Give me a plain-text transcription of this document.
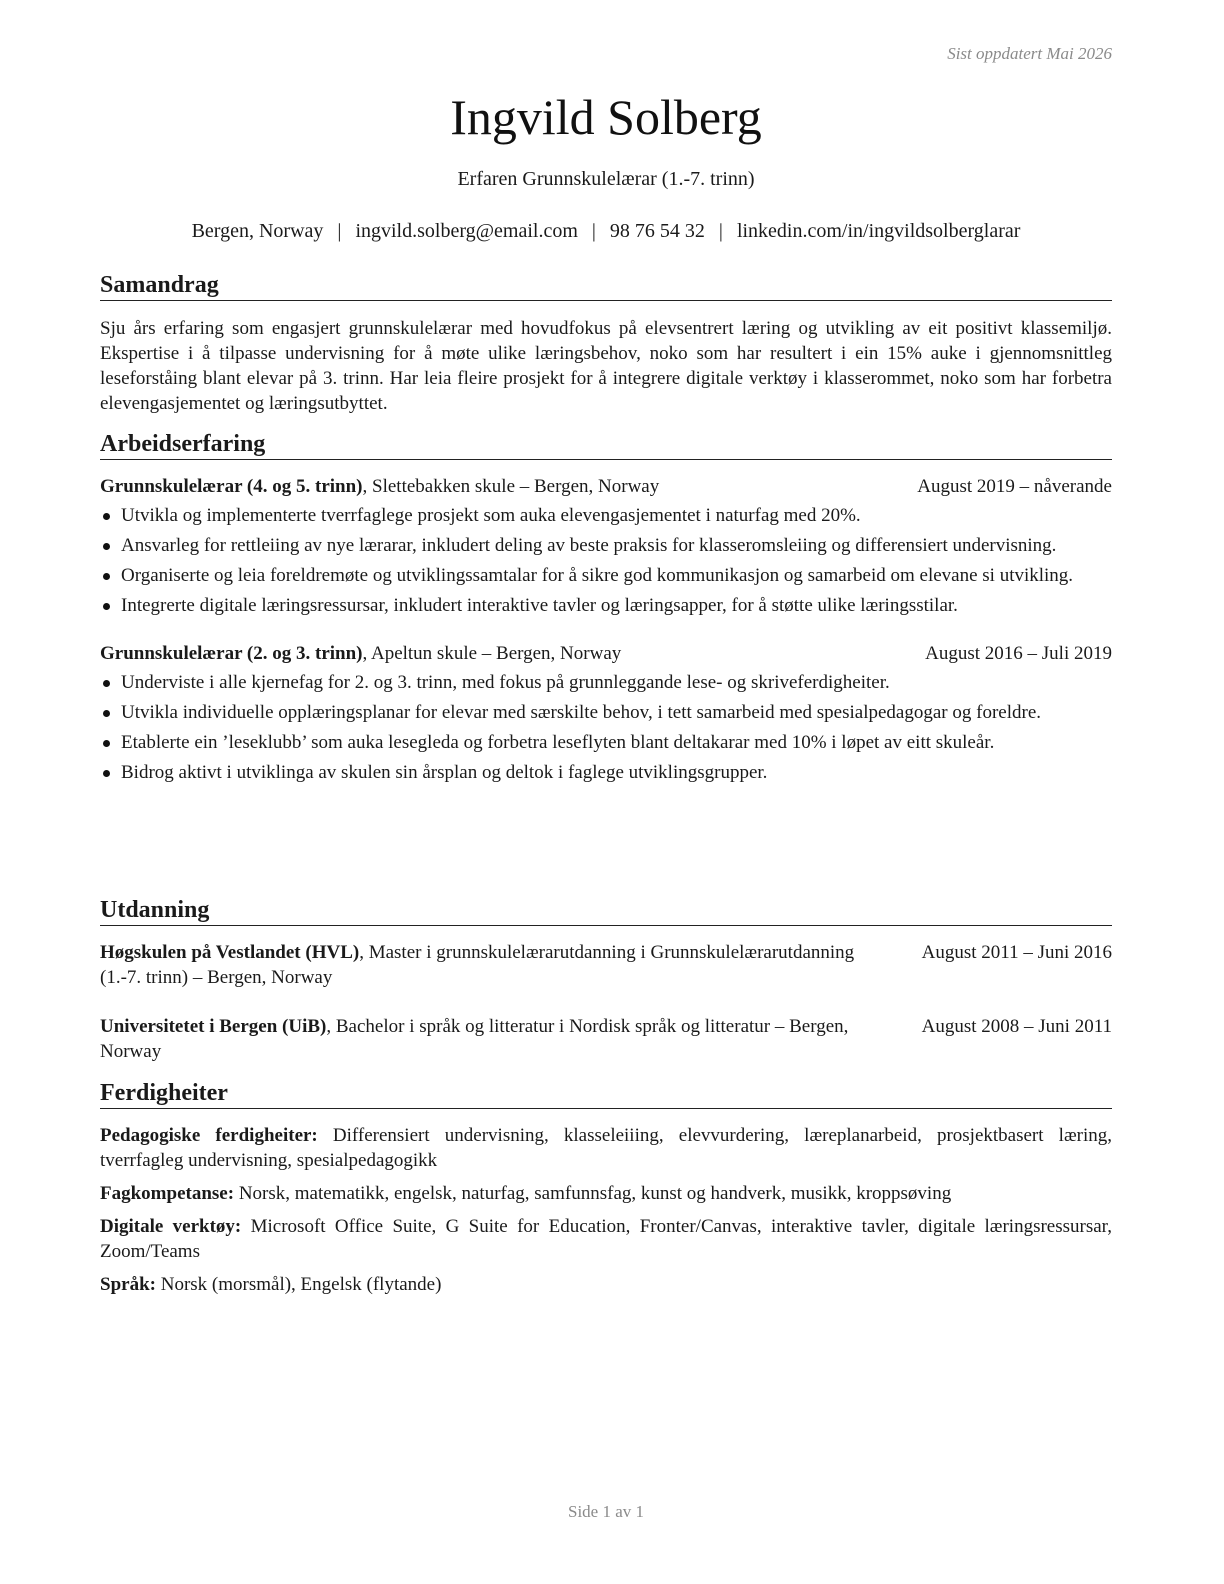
Sist oppdatert Mai 2026
Ingvild Solberg
Erfaren Grunnskulelærar (1.-7. trinn)
Bergen, Norway | ingvild.solberg@email.com | 98 76 54 32 | linkedin.com/in/ingvildsolberglarar
Samandrag
Sju års erfaring som engasjert grunnskulelærar med hovudfokus på elevsentrert læring og utvikling av eit positivt klassemiljø. Ekspertise i å tilpasse undervisning for å møte ulike læringsbehov, noko som har resultert i ein 15% auke i gjennomsnittleg leseforståing blant elevar på 3. trinn. Har leia fleire prosjekt for å integrere digitale verktøy i klasserommet, noko som har forbetra elevengasjementet og læringsutbyttet.
Arbeidserfaring
Grunnskulelærar (4. og 5. trinn), Slettebakken skule – Bergen, Norway	August 2019 – nåverande
Utvikla og implementerte tverrfaglege prosjekt som auka elevengasjementet i naturfag med 20%.
Ansvarleg for rettleiing av nye lærarar, inkludert deling av beste praksis for klasseromsleiing og differensiert undervisning.
Organiserte og leia foreldremøte og utviklingssamtalar for å sikre god kommunikasjon og samarbeid om elevane si utvikling.
Integrerte digitale læringsressursar, inkludert interaktive tavler og læringsapper, for å støtte ulike læringsstilar.
Grunnskulelærar (2. og 3. trinn), Apeltun skule – Bergen, Norway	August 2016 – Juli 2019
Underviste i alle kjernefag for 2. og 3. trinn, med fokus på grunnleggande lese- og skriveferdigheiter.
Utvikla individuelle opplæringsplanar for elevar med særskilte behov, i tett samarbeid med spesialpedagogar og foreldre.
Etablerte ein ’leseklubb’ som auka lesegleda og forbetra leseflyten blant deltakarar med 10% i løpet av eitt skuleår.
Bidrog aktivt i utviklinga av skulen sin årsplan og deltok i faglege utviklingsgrupper.
Utdanning
Høgskulen på Vestlandet (HVL), Master i grunnskulelærarutdanning i Grunnskulelærarutdanning (1.-7. trinn) – Bergen, Norway
August 2011 – Juni 2016
Universitetet i Bergen (UiB), Bachelor i språk og litteratur i Nordisk språk og litteratur – Bergen, Norway
August 2008 – Juni 2011
Ferdigheiter
Pedagogiske ferdigheiter: Differensiert undervisning, klasseleiiing, elevvurdering, læreplanarbeid, prosjektbasert læring, tverrfagleg undervisning, spesialpedagogikk
Fagkompetanse: Norsk, matematikk, engelsk, naturfag, samfunnsfag, kunst og handverk, musikk, kroppsøving
Digitale verktøy: Microsoft Office Suite, G Suite for Education, Fronter/Canvas, interaktive tavler, digitale læringsressursar, Zoom/Teams
Språk: Norsk (morsmål), Engelsk (flytande)
Side 1 av 1
